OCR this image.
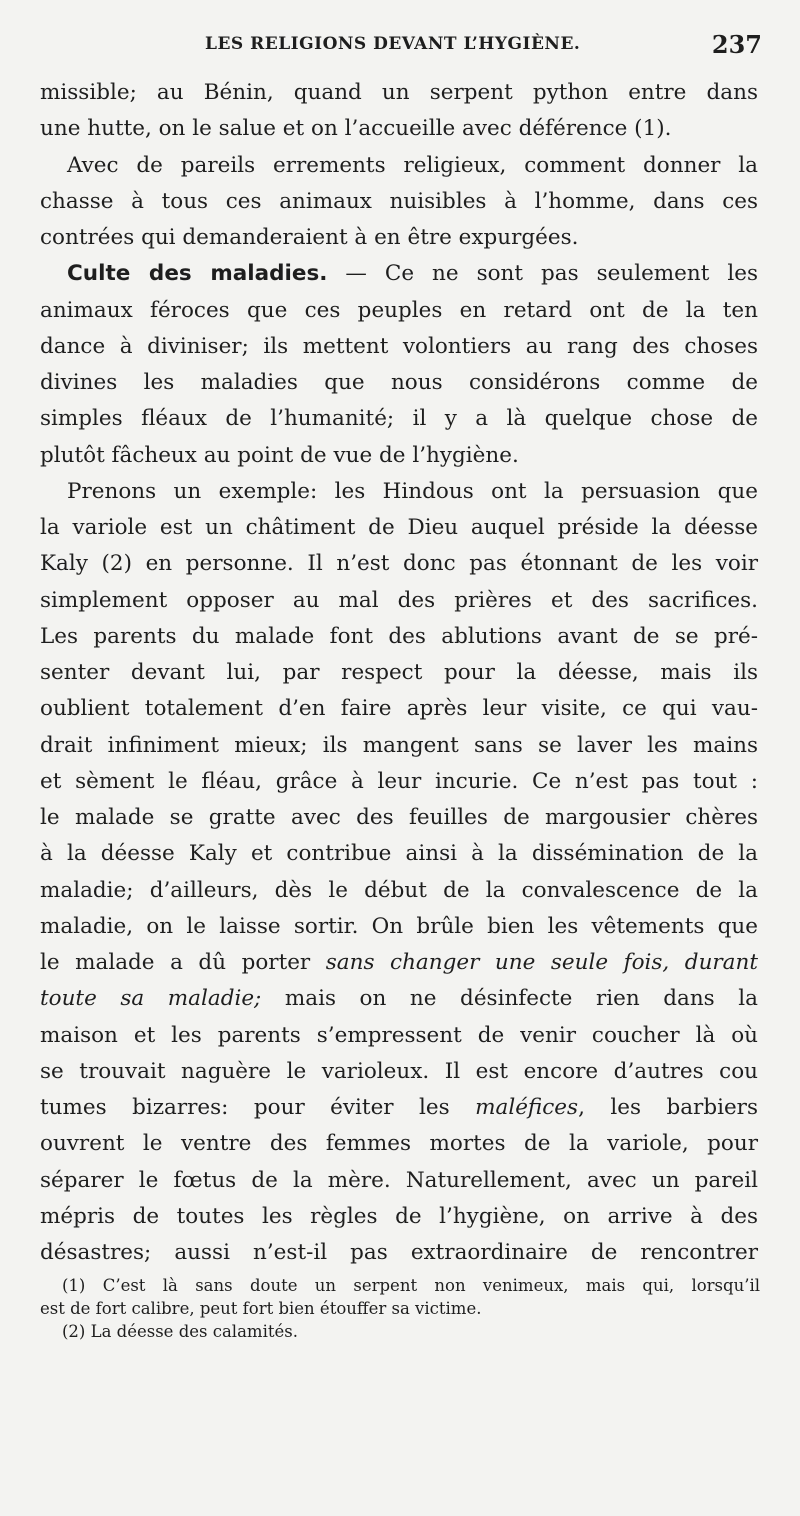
LES RELIGIONS DEVANT L’HYGIÈNE.	237
missible; au Bénin, quand un serpent python entre dans
une hutte, on le salue et on l’accueille avec déférence (1).
Avec de pareils errements religieux, comment donner la
chasse à tous ces animaux nuisibles à l’homme, dans ces
contrées qui demanderaient à en être expurgées.
Culte des maladies. — Ce ne sont pas seulement les
animaux féroces que ces peuples en retard ont de la ten
dance à diviniser; ils mettent volontiers au rang des choses
divines les maladies que nous considérons comme de
simples fléaux de l’humanité; il y a là quelque chose de
plutôt fâcheux au point de vue de l’hygiène.
Prenons un exemple: les Hindous ont la persuasion que
la variole est un châtiment de Dieu auquel préside la déesse
Kaly (2) en personne. Il n’est donc pas étonnant de les voir
simplement opposer au mal des prières et des sacrifices.
Les parents du malade font des ablutions avant de se pré-
senter devant lui, par respect pour la déesse, mais ils
oublient totalement d’en faire après leur visite, ce qui vau-
drait infiniment mieux; ils mangent sans se laver les mains
et sèment le fléau, grâce à leur incurie. Ce n’est pas tout :
le malade se gratte avec des feuilles de margousier chères
à la déesse Kaly et contribue ainsi à la dissémination de la
maladie; d’ailleurs, dès le début de la convalescence de la
maladie, on le laisse sortir. On brûle bien les vêtements que
le malade a dû porter sans changer une seule fois, durant
toute sa maladie; mais on ne désinfecte rien dans la
maison et les parents s’empressent de venir coucher là où
se trouvait naguère le varioleux. Il est encore d’autres cou
tumes bizarres: pour éviter les maléfices, les barbiers
ouvrent le ventre des femmes mortes de la variole, pour
séparer le fœtus de la mère. Naturellement, avec un pareil
mépris de toutes les règles de l’hygiène, on arrive à des
désastres; aussi n’est-il pas extraordinaire de rencontrer
(1) C’est là sans doute un serpent non venimeux, mais qui, lorsqu’il
est de fort calibre, peut fort bien étouffer sa victime.
(2) La déesse des calamités.
